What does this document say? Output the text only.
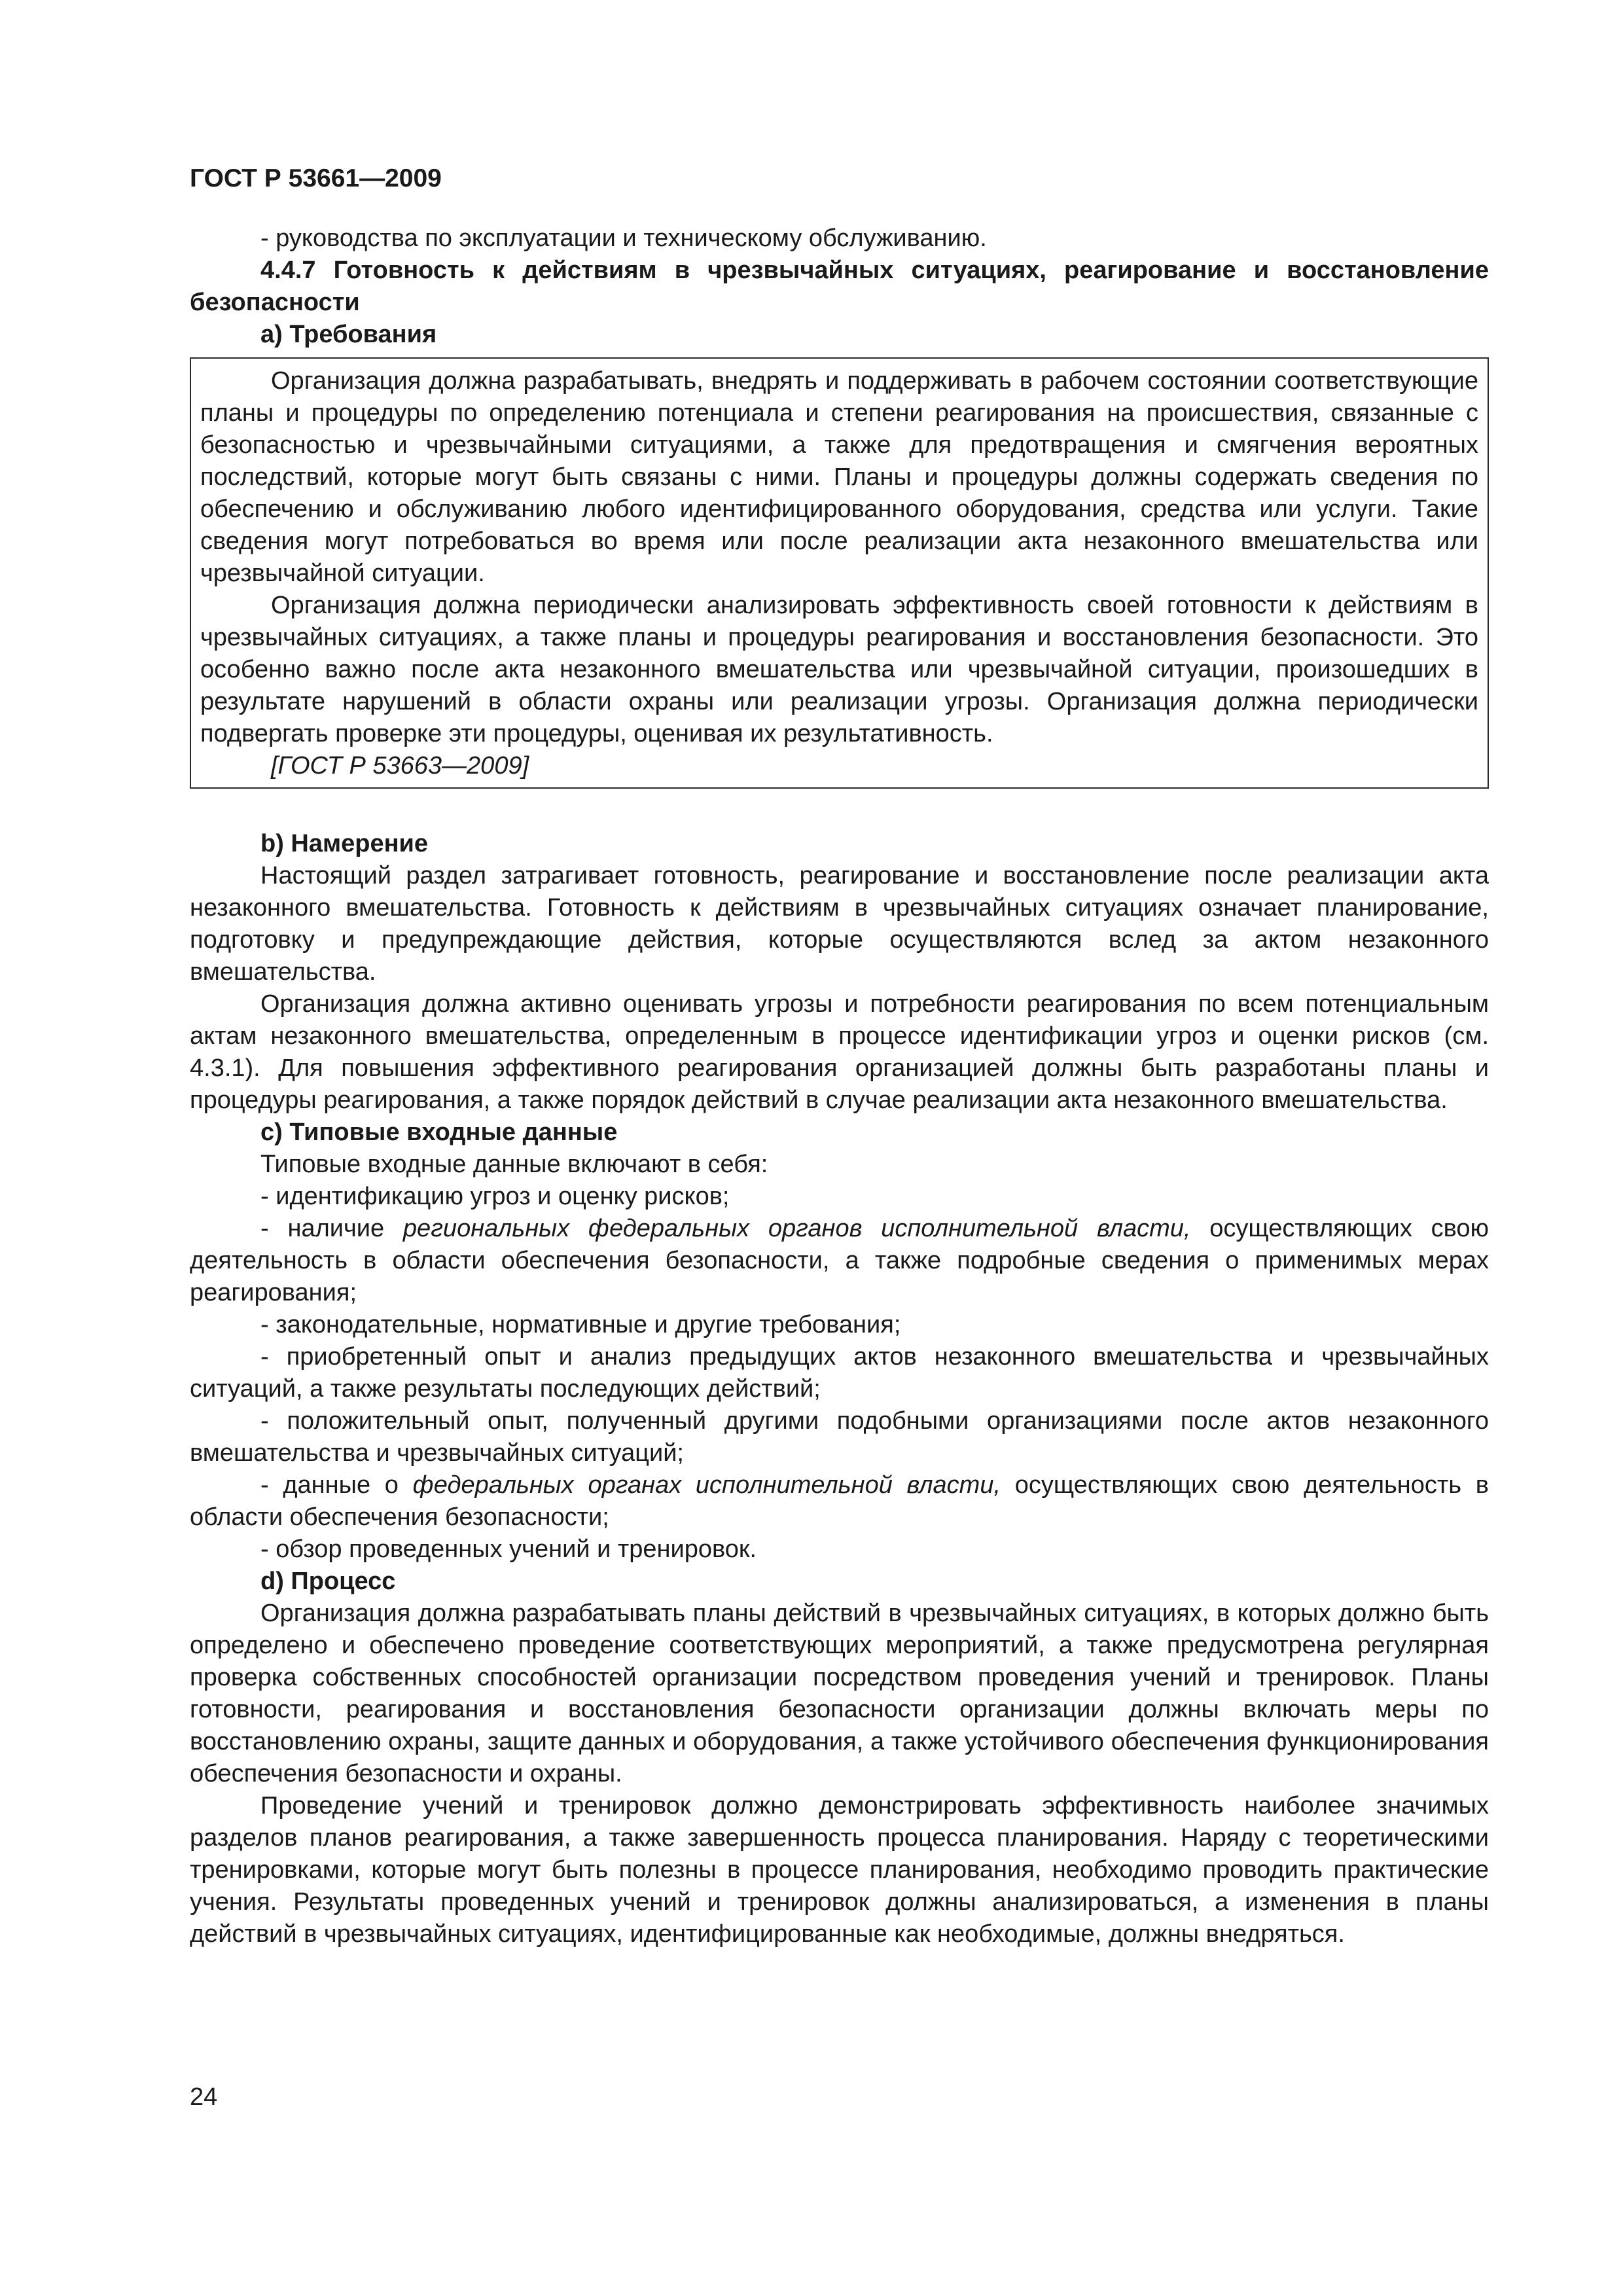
ГОСТ Р 53661—2009

- руководства по эксплуатации и техническому обслуживанию.

4.4.7 Готовность к действиям в чрезвычайных ситуациях, реагирование и восстановление безопасности

a) Требования

Организация должна разрабатывать, внедрять и поддерживать в рабочем состоянии соответствующие планы и процедуры по определению потенциала и степени реагирования на происшествия, связанные с безопасностью и чрезвычайными ситуациями, а также для предотвращения и смягчения вероятных последствий, которые могут быть связаны с ними. Планы и процедуры должны содержать сведения по обеспечению и обслуживанию любого идентифицированного оборудования, средства или услуги. Такие сведения могут потребоваться во время или после реализации акта незаконного вмешательства или чрезвычайной ситуации.

Организация должна периодически анализировать эффективность своей готовности к действиям в чрезвычайных ситуациях, а также планы и процедуры реагирования и восстановления безопасности. Это особенно важно после акта незаконного вмешательства или чрезвычайной ситуации, произошедших в результате нарушений в области охраны или реализации угрозы. Организация должна периодически подвергать проверке эти процедуры, оценивая их результативность.

[ГОСТ Р 53663—2009]

b) Намерение

Настоящий раздел затрагивает готовность, реагирование и восстановление после реализации акта незаконного вмешательства. Готовность к действиям в чрезвычайных ситуациях означает планирование, подготовку и предупреждающие действия, которые осуществляются вслед за актом незаконного вмешательства.

Организация должна активно оценивать угрозы и потребности реагирования по всем потенциальным актам незаконного вмешательства, определенным в процессе идентификации угроз и оценки рисков (см. 4.3.1). Для повышения эффективного реагирования организацией должны быть разработаны планы и процедуры реагирования, а также порядок действий в случае реализации акта незаконного вмешательства.

c) Типовые входные данные

Типовые входные данные включают в себя:

- идентификацию угроз и оценку рисков;

- наличие региональных федеральных органов исполнительной власти, осуществляющих свою деятельность в области обеспечения безопасности, а также подробные сведения о применимых мерах реагирования;

- законодательные, нормативные и другие требования;

- приобретенный опыт и анализ предыдущих актов незаконного вмешательства и чрезвычайных ситуаций, а также результаты последующих действий;

- положительный опыт, полученный другими подобными организациями после актов незаконного вмешательства и чрезвычайных ситуаций;

- данные о федеральных органах исполнительной власти, осуществляющих свою деятельность в области обеспечения безопасности;

- обзор проведенных учений и тренировок.

d) Процесс

Организация должна разрабатывать планы действий в чрезвычайных ситуациях, в которых должно быть определено и обеспечено проведение соответствующих мероприятий, а также предусмотрена регулярная проверка собственных способностей организации посредством проведения учений и тренировок. Планы готовности, реагирования и восстановления безопасности организации должны включать меры по восстановлению охраны, защите данных и оборудования, а также устойчивого обеспечения функционирования обеспечения безопасности и охраны.

Проведение учений и тренировок должно демонстрировать эффективность наиболее значимых разделов планов реагирования, а также завершенность процесса планирования. Наряду с теоретическими тренировками, которые могут быть полезны в процессе планирования, необходимо проводить практические учения. Результаты проведенных учений и тренировок должны анализироваться, а изменения в планы действий в чрезвычайных ситуациях, идентифицированные как необходимые, должны внедряться.

24
